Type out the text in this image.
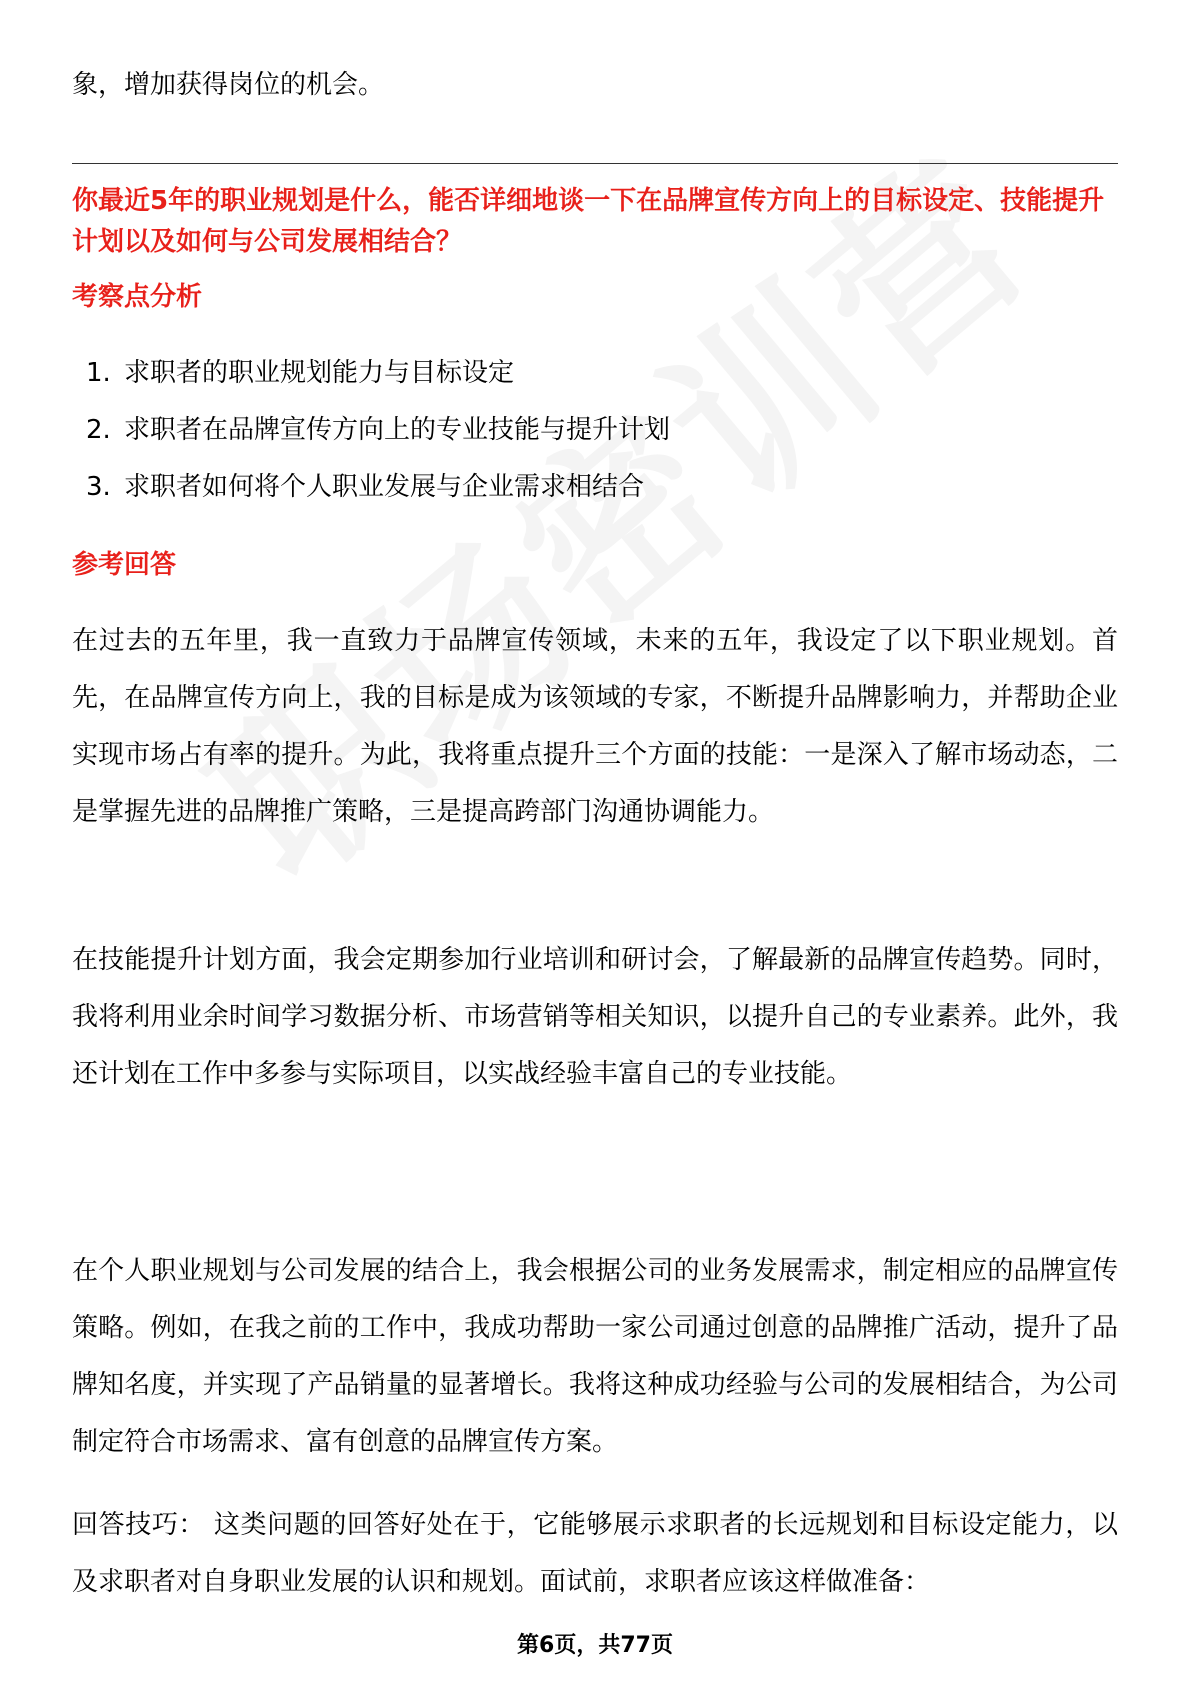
象，增加获得岗位的机会。

你最近5年的职业规划是什么，能否详细地谈一下在品牌宣传方向上的目标设定、技能提升计划以及如何与公司发展相结合？

考察点分析
1. 求职者的职业规划能力与目标设定
2. 求职者在品牌宣传方向上的专业技能与提升计划
3. 求职者如何将个人职业发展与企业需求相结合
参考回答

在过去的五年里，我一直致力于品牌宣传领域，未来的五年，我设定了以下职业规划。首先，在品牌宣传方向上，我的目标是成为该领域的专家，不断提升品牌影响力，并帮助企业实现市场占有率的提升。为此，我将重点提升三个方面的技能：一是深入了解市场动态，二是掌握先进的品牌推广策略，三是提高跨部门沟通协调能力。

在技能提升计划方面，我会定期参加行业培训和研讨会，了解最新的品牌宣传趋势。同时，我将利用业余时间学习数据分析、市场营销等相关知识，以提升自己的专业素养。此外，我还计划在工作中多参与实际项目，以实战经验丰富自己的专业技能。

在个人职业规划与公司发展的结合上，我会根据公司的业务发展需求，制定相应的品牌宣传策略。例如，在我之前的工作中，我成功帮助一家公司通过创意的品牌推广活动，提升了品牌知名度，并实现了产品销量的显著增长。我将这种成功经验与公司的发展相结合，为公司制定符合市场需求、富有创意的品牌宣传方案。

回答技巧： 这类问题的回答好处在于，它能够展示求职者的长远规划和目标设定能力，以及求职者对自身职业发展的认识和规划。面试前，求职者应该这样做准备：

第6页，共77页
